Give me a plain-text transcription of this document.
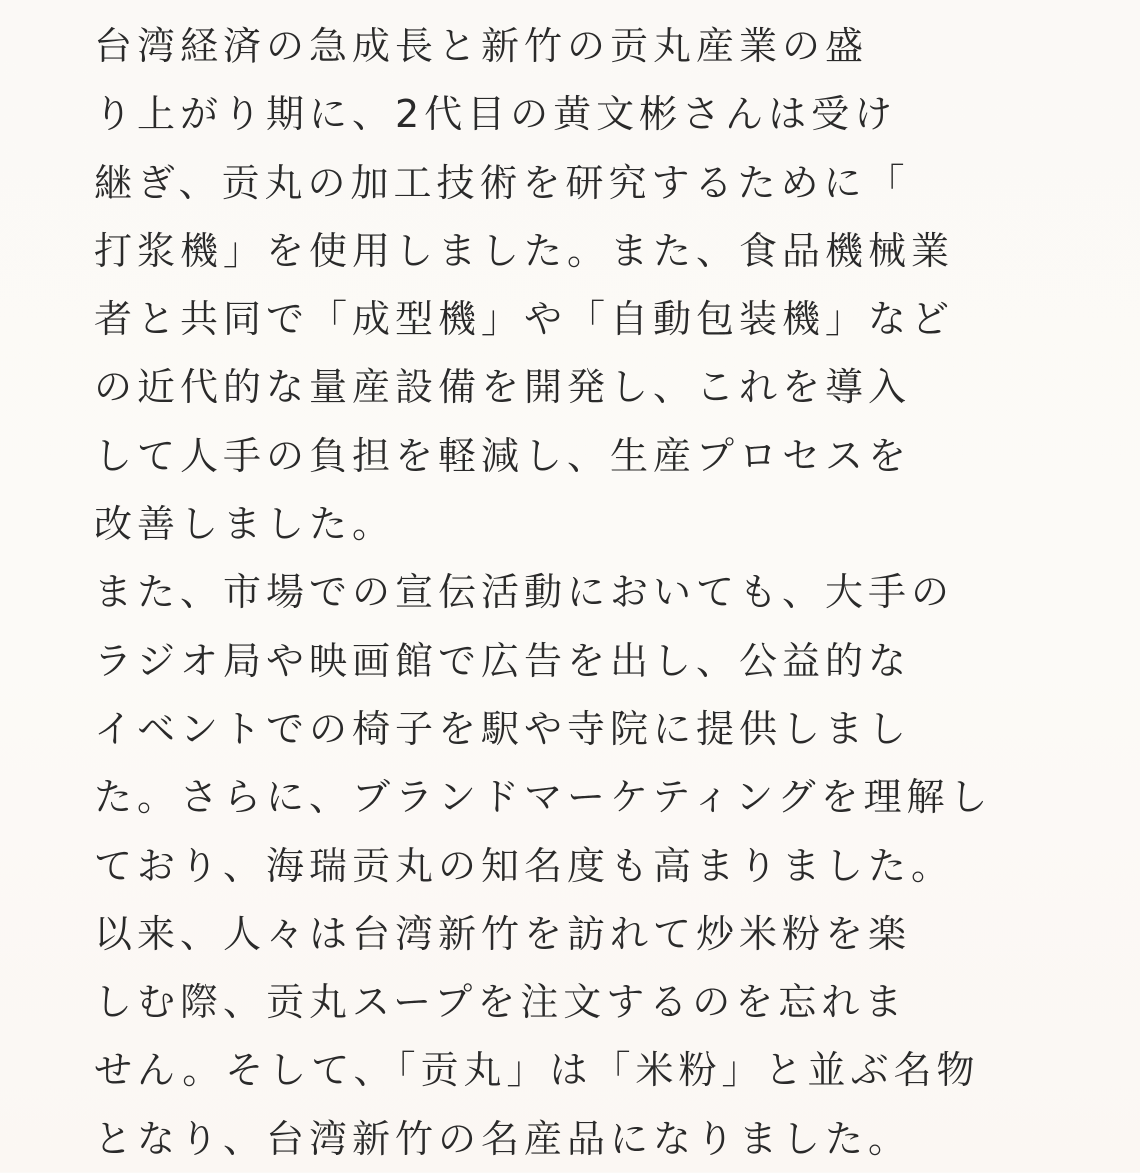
台湾経済の急成長と新竹の贡丸産業の盛
り上がり期に、2代目の黄文彬さんは受け
継ぎ、贡丸の加工技術を研究するために「
打浆機」を使用しました。また、食品機械業
者と共同で「成型機」や「自動包装機」など
の近代的な量産設備を開発し、これを導入
して人手の負担を軽減し、生産プロセスを
改善しました。
また、市場での宣伝活動においても、大手の
ラジオ局や映画館で広告を出し、公益的な
イベントでの椅子を駅や寺院に提供しまし
た。さらに、ブランドマーケティングを理解し
ており、海瑞贡丸の知名度も高まりました。
以来、人々は台湾新竹を訪れて炒米粉を楽
しむ際、贡丸スープを注文するのを忘れま
せん。そして、「贡丸」は「米粉」と並ぶ名物
となり、台湾新竹の名産品になりました。
